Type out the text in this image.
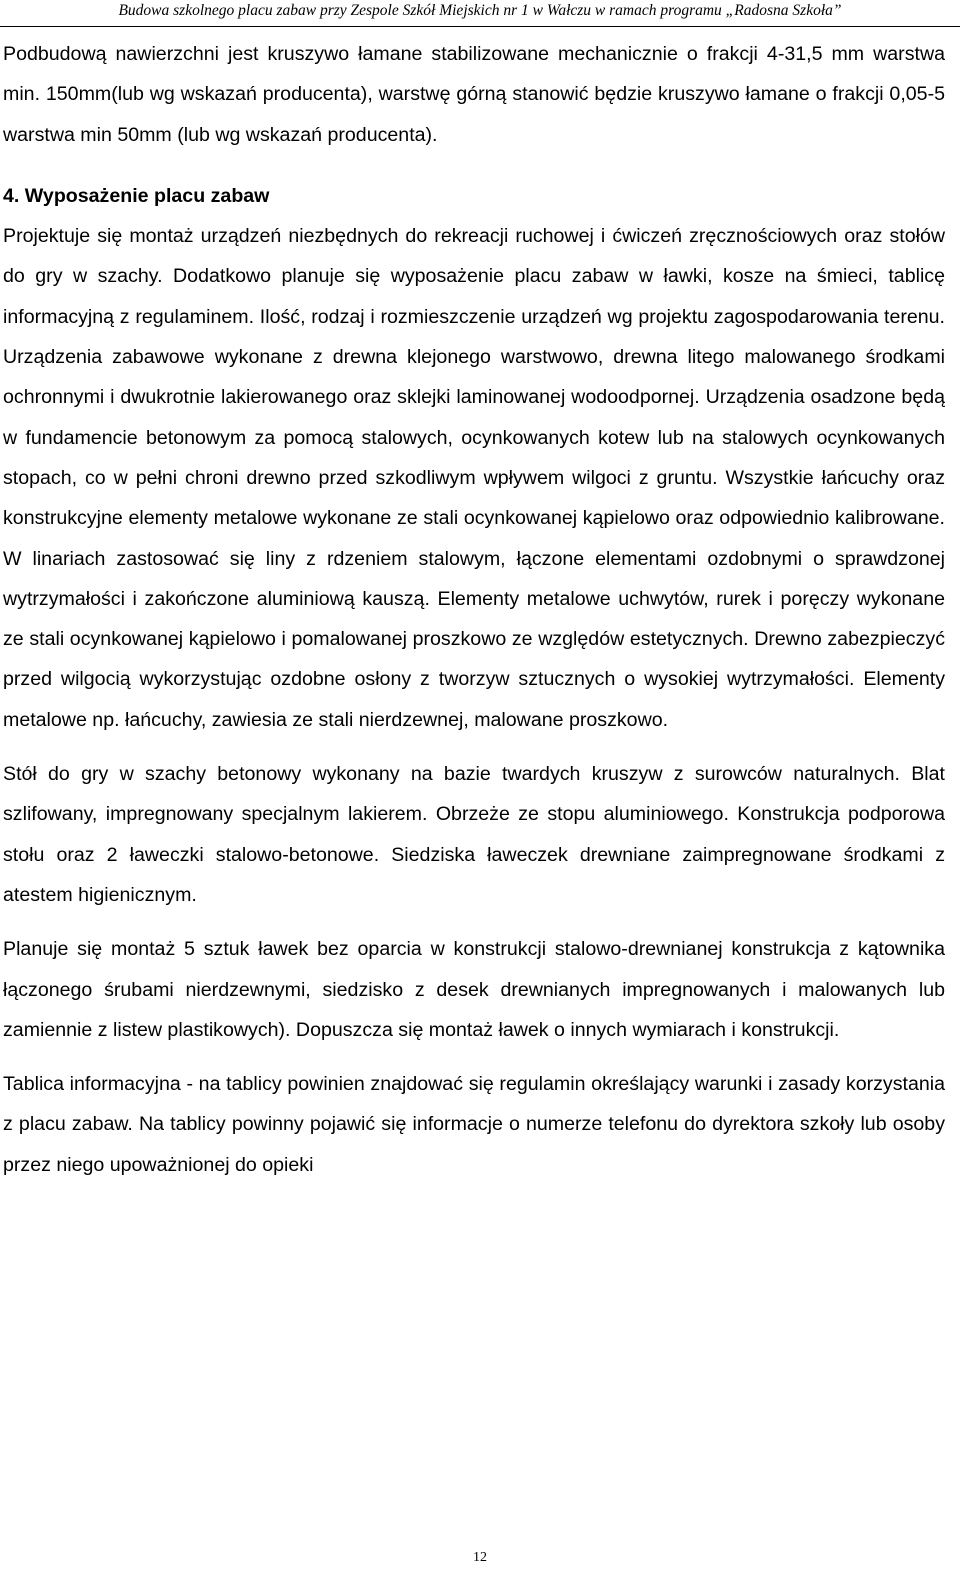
Budowa szkolnego placu zabaw przy Zespole Szkół Miejskich nr 1 w Wałczu w ramach programu „Radosna Szkoła”

Podbudową nawierzchni jest kruszywo łamane stabilizowane mechanicznie o frakcji 4-31,5 mm warstwa min. 150mm(lub wg wskazań producenta), warstwę górną stanowić będzie kruszywo łamane o frakcji 0,05-5 warstwa min 50mm (lub wg wskazań producenta).

4. Wyposażenie placu zabaw

Projektuje się montaż urządzeń niezbędnych do rekreacji ruchowej i ćwiczeń zręcznościowych oraz stołów do gry w szachy. Dodatkowo planuje się wyposażenie placu zabaw w ławki, kosze na śmieci, tablicę informacyjną z regulaminem. Ilość, rodzaj i rozmieszczenie urządzeń wg projektu zagospodarowania terenu. Urządzenia zabawowe wykonane z drewna klejonego warstwowo, drewna litego malowanego środkami ochronnymi i dwukrotnie lakierowanego oraz sklejki laminowanej wodoodpornej. Urządzenia osadzone będą w fundamencie betonowym za pomocą stalowych, ocynkowanych kotew lub na stalowych ocynkowanych stopach, co w pełni chroni drewno przed szkodliwym wpływem wilgoci z gruntu. Wszystkie łańcuchy oraz konstrukcyjne elementy metalowe wykonane ze stali ocynkowanej kąpielowo oraz odpowiednio kalibrowane. W linariach zastosować się liny z rdzeniem stalowym, łączone elementami ozdobnymi o sprawdzonej wytrzymałości i zakończone aluminiową kauszą. Elementy metalowe uchwytów, rurek i poręczy wykonane ze stali ocynkowanej kąpielowo i pomalowanej proszkowo ze względów estetycznych. Drewno zabezpieczyć przed wilgocią wykorzystując ozdobne osłony z tworzyw sztucznych o wysokiej wytrzymałości. Elementy metalowe np. łańcuchy, zawiesia ze stali nierdzewnej, malowane proszkowo.

Stół do gry w szachy betonowy wykonany na bazie twardych kruszyw z surowców naturalnych. Blat szlifowany, impregnowany specjalnym lakierem. Obrzeże ze stopu aluminiowego. Konstrukcja podporowa stołu oraz 2 ławeczki stalowo-betonowe. Siedziska ławeczek drewniane zaimpregnowane środkami z atestem higienicznym.

Planuje się montaż 5 sztuk ławek bez oparcia w konstrukcji stalowo-drewnianej konstrukcja z kątownika łączonego śrubami nierdzewnymi, siedzisko z desek drewnianych impregnowanych i malowanych lub zamiennie z listew plastikowych). Dopuszcza się montaż ławek o innych wymiarach i konstrukcji.

Tablica informacyjna - na tablicy powinien znajdować się regulamin określający warunki i zasady korzystania z placu zabaw. Na tablicy powinny pojawić się informacje o numerze telefonu do dyrektora szkoły lub osoby przez niego upoważnionej do opieki

12
